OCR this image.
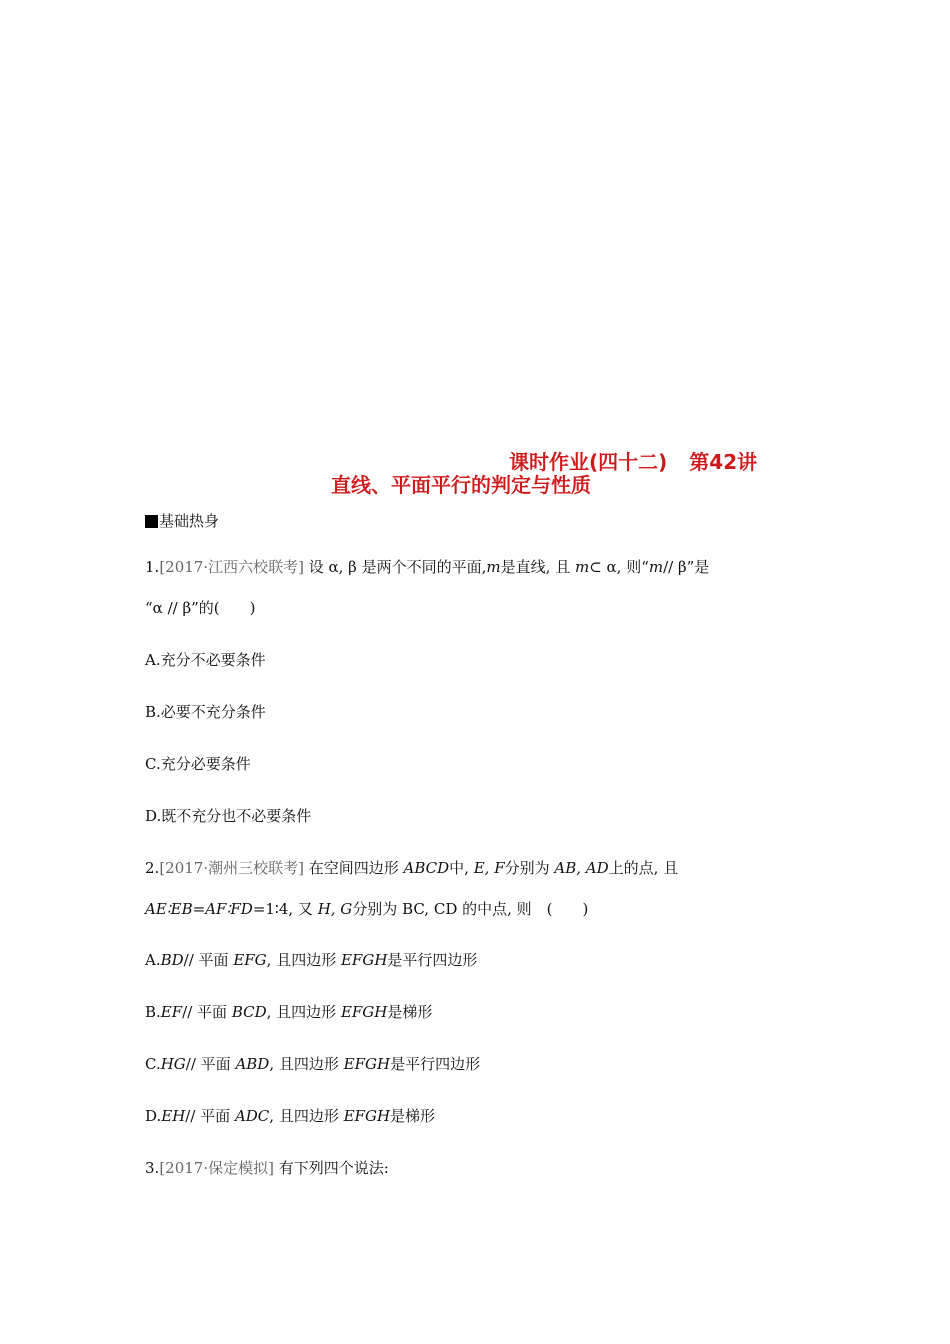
课时作业(四十二) 第42讲
直线、平面平行的判定与性质
基础热身
1.[2017·江西六校联考] 设 α, β 是两个不同的平面,m是直线, 且 m⊂ α, 则“m// β”是
“α // β”的(　　)
A.充分不必要条件
B.必要不充分条件
C.充分必要条件
D.既不充分也不必要条件
2.[2017·潮州三校联考] 在空间四边形 ABCD中, E, F分别为 AB, AD上的点, 且
AE∶EB=AF∶FD=1∶4, 又 H, G分别为 BC, CD 的中点, 则　(　　)
A.BD// 平面 EFG, 且四边形 EFGH是平行四边形
B.EF// 平面 BCD, 且四边形 EFGH是梯形
C.HG// 平面 ABD, 且四边形 EFGH是平行四边形
D.EH// 平面 ADC, 且四边形 EFGH是梯形
3.[2017·保定模拟] 有下列四个说法:
